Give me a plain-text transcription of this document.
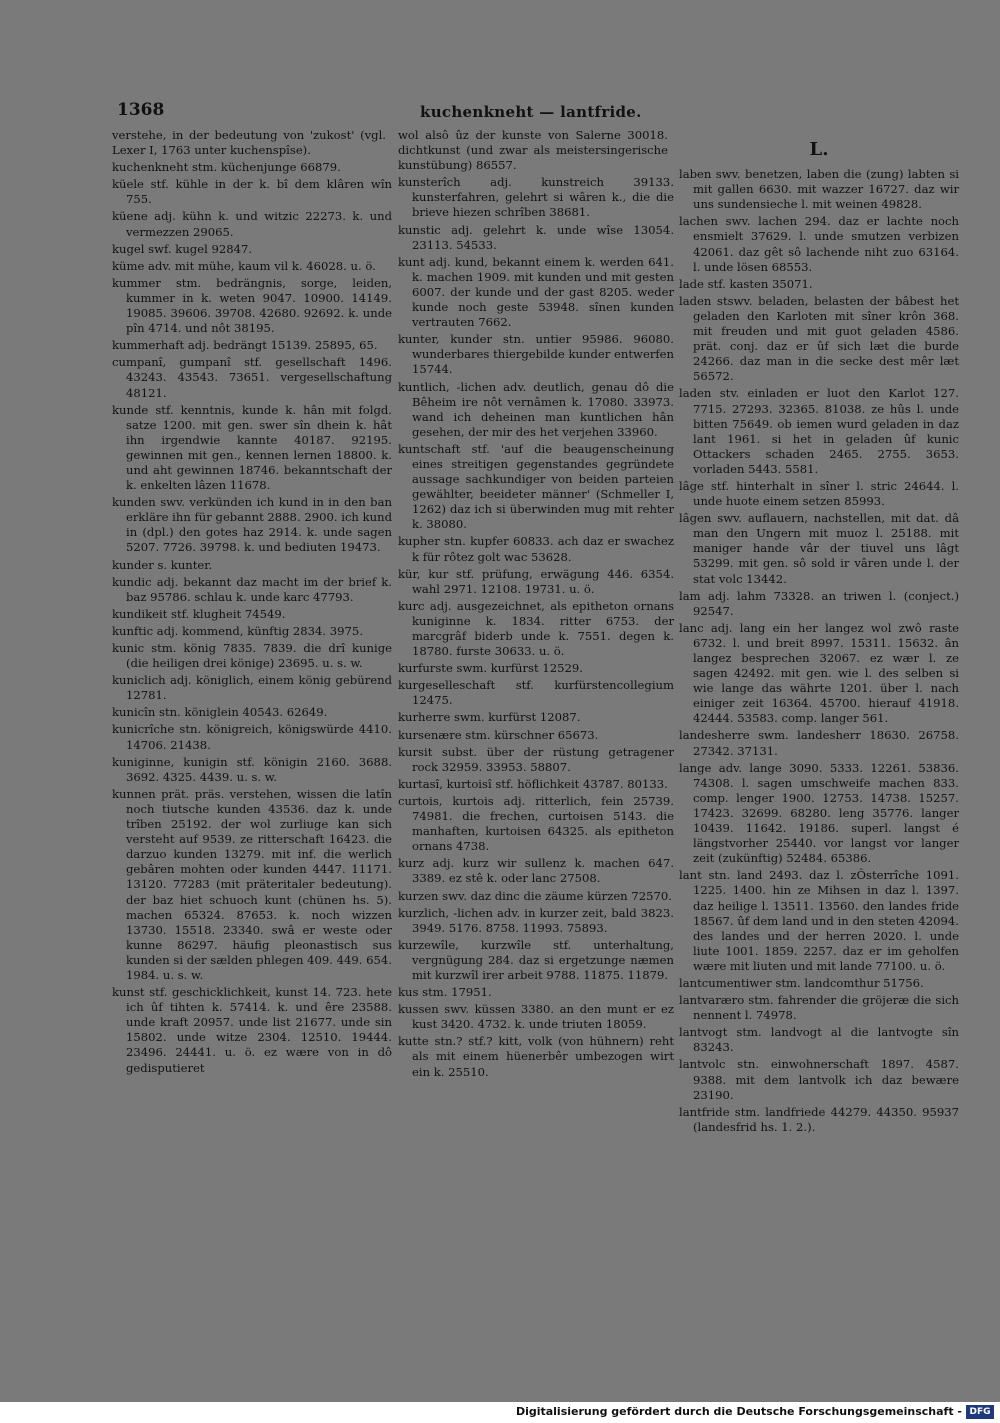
1368	kuchenkneht — lantfride.

verstehe, in der bedeutung von 'zukost' (vgl. Lexer I, 1763 unter kuchenspîse).

kuchenkneht stm. küchenjunge 66879.

küele stf. kühle in der k. bî dem klâren wîn 755.

küene adj. kühn k. und witzic 22273. k. und vermezzen 29065.

kugel swf. kugel 92847.

küme adv. mit mühe, kaum vil k. 46028. u. ö.

kummer stm. bedrängnis, sorge, leiden, kummer in k. weten 9047. 10900. 14149. 19085. 39606. 39708. 42680. 92692. k. unde pîn 4714. und nôt 38195.

kummerhaft adj. bedrängt 15139. 25895, 65.

cumpanî, gumpanî stf. gesellschaft 1496. 43243. 43543. 73651. vergesellschaftung 48121.

kunde stf. kenntnis, kunde k. hân mit folgd. satze 1200. mit gen. swer sîn dhein k. hât ihn irgendwie kannte 40187. 92195. gewinnen mit gen., kennen lernen 18800. k. und aht gewinnen 18746. bekanntschaft der k. enkelten lâzen 11678.

kunden swv. verkünden ich kund in in den ban erkläre ihn für gebannt 2888. 2900. ich kund in (dpl.) den gotes haz 2914. k. unde sagen 5207. 7726. 39798. k. und bediuten 19473.

kunder s. kunter.

kundic adj. bekannt daz macht im der brief k. baz 95786. schlau k. unde karc 47793.

kundikeit stf. klugheit 74549.

kunftic adj. kommend, künftig 2834. 3975.

kunic stm. könig 7835. 7839. die drî kunige (die heiligen drei könige) 23695. u. s. w.

kuniclich adj. königlich, einem könig gebürend 12781.

kunicîn stn. königlein 40543. 62649.

kunicrîche stn. königreich, königswürde 4410. 14706. 21438.

kuniginne, kunigin stf. königin 2160. 3688. 3692. 4325. 4439. u. s. w.

kunnen prät. präs. verstehen, wissen die latîn noch tiutsche kunden 43536. daz k. unde trîben 25192. der wol zurliuge kan sich versteht auf 9539. ze ritterschaft 16423. die darzuo kunden 13279. mit inf. die werlich gebâren mohten oder kunden 4447. 11171. 13120. 77283 (mit präteritaler bedeutung). der baz hiet schuoch kunt (chünen hs. 5). machen 65324. 87653. k. noch wizzen 13730. 15518. 23340. swâ er weste oder kunne 86297. häufig pleonastisch sus kunden si der sælden phlegen 409. 449. 654. 1984. u. s. w.

kunst stf. geschicklichkeit, kunst 14. 723. hete ich ûf tihten k. 57414. k. und êre 23588. unde kraft 20957. unde list 21677. unde sin 15802. unde witze 2304. 12510. 19444. 23496. 24441. u. ö. ez wære von in dô gedisputieret

wol alsô ûz der kunste von Salerne 30018. dichtkunst (und zwar als meistersingerische kunstübung) 86557.

kunsterîch adj. kunstreich 39133. kunsterfahren, gelehrt si wâren k., die die brieve hiezen schrîben 38681.

kunstic adj. gelehrt k. unde wîse 13054. 23113. 54533.

kunt adj. kund, bekannt einem k. werden 641. k. machen 1909. mit kunden und mit gesten 6007. der kunde und der gast 8205. weder kunde noch geste 53948. sînen kunden vertrauten 7662.

kunter, kunder stn. untier 95986. 96080. wunderbares thiergebilde kunder entwerfen 15744.

kuntlich, -lichen adv. deutlich, genau dô die Bêheim ire nôt vernâmen k. 17080. 33973. wand ich deheinen man kuntlichen hân gesehen, der mir des het verjehen 33960.

kuntschaft stf. 'auf die beaugenscheinung eines streitigen gegenstandes gegründete aussage sachkundiger von beiden parteien gewählter, beeideter männer' (Schmeller I, 1262) daz ich si überwinden mug mit rehter k. 38080.

kupher stn. kupfer 60833. ach daz er swachez k für rôtez golt wac 53628.

kür, kur stf. prüfung, erwägung 446. 6354. wahl 2971. 12108. 19731. u. ö.

kurc adj. ausgezeichnet, als epitheton ornans kuniginne k. 1834. ritter 6753. der marcgrâf biderb unde k. 7551. degen k. 18780. furste 30633. u. ö.

kurfurste swm. kurfürst 12529.

kurgeselleschaft stf. kurfürstencollegium 12475.

kurherre swm. kurfürst 12087.

kursenære stm. kürschner 65673.

kursit subst. über der rüstung getragener rock 32959. 33953. 58807.

kurtasî, kurtoisî stf. höflichkeit 43787. 80133.

curtois, kurtois adj. ritterlich, fein 25739. 74981. die frechen, curtoisen 5143. die manhaften, kurtoisen 64325. als epitheton ornans 4738.

kurz adj. kurz wir sullenz k. machen 647. 3389. ez stê k. oder lanc 27508.

kurzen swv. daz dinc die zäume kürzen 72570.

kurzlich, -lichen adv. in kurzer zeit, bald 3823. 3949. 5176. 8758. 11993. 75893.

kurzewîle, kurzwîle stf. unterhaltung, vergnügung 284. daz si ergetzunge næmen mit kurzwîl irer arbeit 9788. 11875. 11879.

kus stm. 17951.

kussen swv. küssen 3380. an den munt er ez kust 3420. 4732. k. unde triuten 18059.

kutte stn.? stf.? kitt, volk (von hühnern) reht als mit einem hüenerbêr umbezogen wirt ein k. 25510.

L.

laben swv. benetzen, laben die (zung) labten si mit gallen 6630. mit wazzer 16727. daz wir uns sundensieche l. mit weinen 49828.

lachen swv. lachen 294. daz er lachte noch ensmielt 37629. l. unde smutzen verbizen 42061. daz gêt sô lachende niht zuo 63164. l. unde lösen 68553.

lade stf. kasten 35071.

laden stswv. beladen, belasten der bâbest het geladen den Karloten mit sîner krôn 368. mit freuden und mit guot geladen 4586. prät. conj. daz er ûf sich læt die burde 24266. daz man in die secke dest mêr læt 56572.

laden stv. einladen er luot den Karlot 127. 7715. 27293. 32365. 81038. ze hûs l. unde bitten 75649. ob iemen wurd geladen in daz lant 1961. si het in geladen ûf kunic Ottackers schaden 2465. 2755. 3653. vorladen 5443. 5581.

lâge stf. hinterhalt in sîner l. stric 24644. l. unde huote einem setzen 85993.

lâgen swv. auflauern, nachstellen, mit dat. dâ man den Ungern mit muoz l. 25188. mit maniger hande vâr der tiuvel uns lâgt 53299. mit gen. sô sold ir vâren unde l. der stat volc 13442.

lam adj. lahm 73328. an triwen l. (conject.) 92547.

lanc adj. lang ein her langez wol zwô raste 6732. l. und breit 8997. 15311. 15632. ân langez besprechen 32067. ez wær l. ze sagen 42492. mit gen. wie l. des selben si wie lange das währte 1201. über l. nach einiger zeit 16364. 45700. hierauf 41918. 42444. 53583. comp. langer 561.

landesherre swm. landesherr 18630. 26758. 27342. 37131.

lange adv. lange 3090. 5333. 12261. 53836. 74308. l. sagen umschweife machen 833. comp. lenger 1900. 12753. 14738. 15257. 17423. 32699. 68280. leng 35776. langer 10439. 11642. 19186. superl. langst é längstvorher 25440. vor langst vor langer zeit (zukünftig) 52484. 65386.

lant stn. land 2493. daz l. zÔsterrîche 1091. 1225. 1400. hin ze Mihsen in daz l. 1397. daz heilige l. 13511. 13560. den landes fride 18567. ûf dem land und in den steten 42094. des landes und der herren 2020. l. unde liute 1001. 1859. 2257. daz er im geholfen wære mit liuten und mit lande 77100. u. ö.

lantcumentiwer stm. landcomthur 51756.

lantvaræro stm. fahrender die gröjeræ die sich nennent l. 74978.

lantvogt stm. landvogt al die lantvogte sîn 83243.

lantvolc stn. einwohnerschaft 1897. 4587. 9388. mit dem lantvolk ich daz bewære 23190.

lantfride stm. landfriede 44279. 44350. 95937 (landesfrid hs. 1. 2.).

Digitalisierung gefördert durch die Deutsche Forschungsgemeinschaft - DFG
